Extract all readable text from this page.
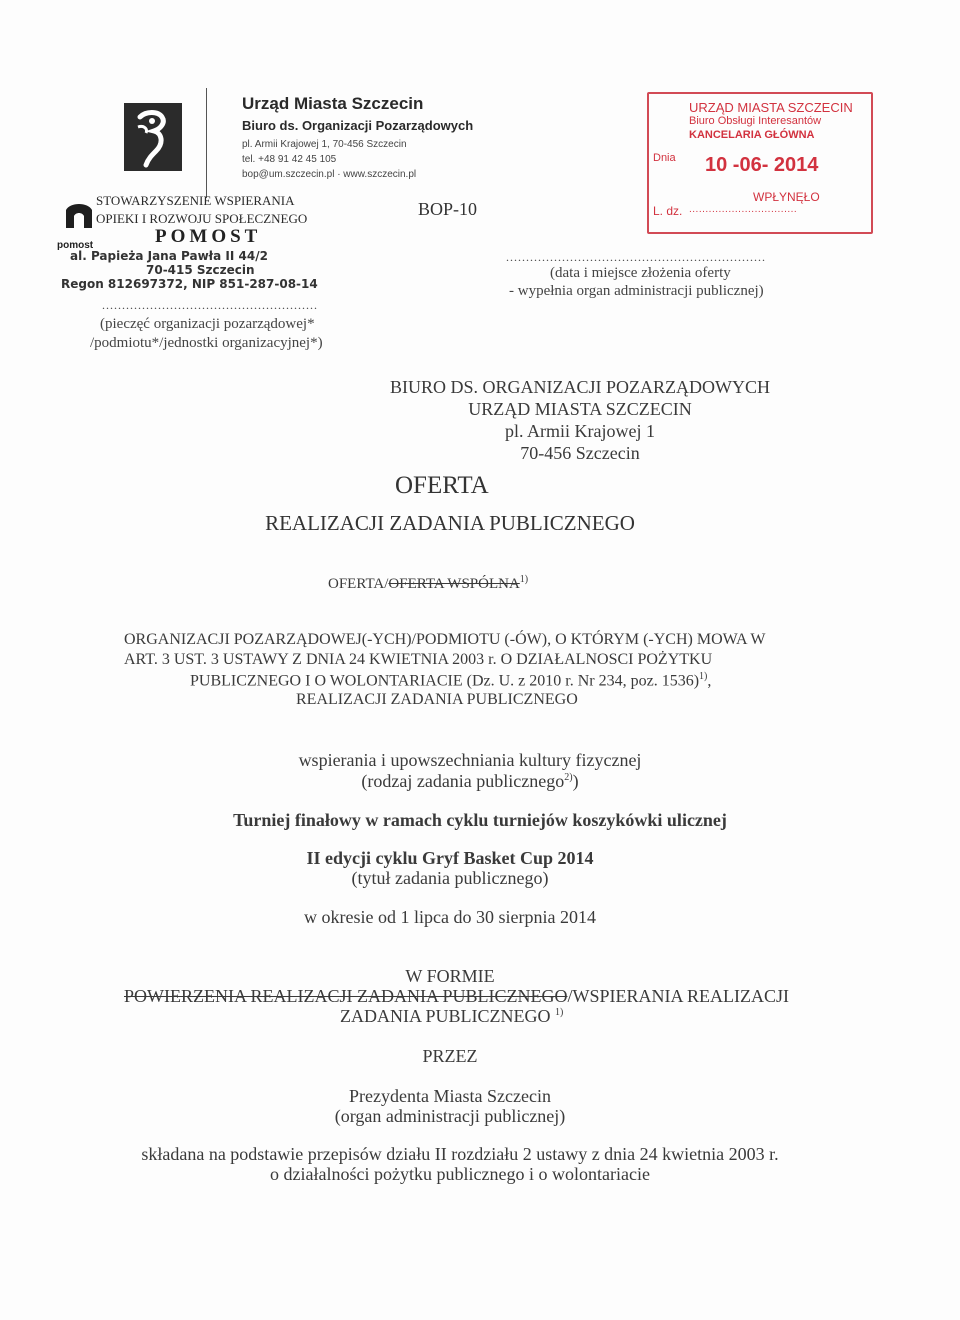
Urząd Miasta Szczecin
Biuro ds. Organizacji Pozarządowych
pl. Armii Krajowej 1, 70-456 Szczecin
tel. +48 91 42 45 105
bop@um.szczecin.pl · www.szczecin.pl
BOP-10
STOWARZYSZENIE WSPIERANIA
OPIEKI I ROZWOJU SPOŁECZNEGO
POMOST
pomost
al. Papieża Jana Pawła II 44/2
70-415 Szczecin
Regon 812697372, NIP 851-287-08-14
......................................................
(pieczęć organizacji pozarządowej*
/podmiotu*/jednostki organizacyjnej*)
URZĄD MIASTA SZCZECIN
Biuro Obsługi Interesantów
KANCELARIA GŁÓWNA
Dnia 10 -06- 2014
WPŁYNĘŁO
L. dz. .................................
.................................................................
(data i miejsce złożenia oferty
- wypełnia organ administracji publicznej)
BIURO DS. ORGANIZACJI POZARZĄDOWYCH
URZĄD MIASTA SZCZECIN
pl. Armii Krajowej 1
70-456 Szczecin
OFERTA
REALIZACJI ZADANIA PUBLICZNEGO
OFERTA/OFERTA WSPÓLNA$^{1)}$
ORGANIZACJI POZARZĄDOWEJ(-YCH)/PODMIOTU (-ÓW), O KTÓRYM (-YCH) MOWA W
ART. 3 UST. 3 USTAWY Z DNIA 24 KWIETNIA 2003 r. O DZIAŁALNOSCI POŻYTKU
PUBLICZNEGO I O WOLONTARIACIE (Dz. U. z 2010 r. Nr 234, poz. 1536)$^{1)}$,
REALIZACJI ZADANIA PUBLICZNEGO
wspierania i upowszechniania kultury fizycznej
(rodzaj zadania publicznego$^{2)}$)
Turniej finałowy w ramach cyklu turniejów koszykówki ulicznej
II edycji cyklu Gryf Basket Cup 2014
(tytuł zadania publicznego)
w okresie od 1 lipca do 30 sierpnia 2014
W FORMIE
POWIERZENIA REALIZACJI ZADANIA PUBLICZNEGO/WSPIERANIA REALIZACJI
ZADANIA PUBLICZNEGO $^{1)}$
PRZEZ
Prezydenta Miasta Szczecin
(organ administracji publicznej)
składana na podstawie przepisów działu II rozdziału 2 ustawy z dnia 24 kwietnia 2003 r.
o działalności pożytku publicznego i o wolontariacie
